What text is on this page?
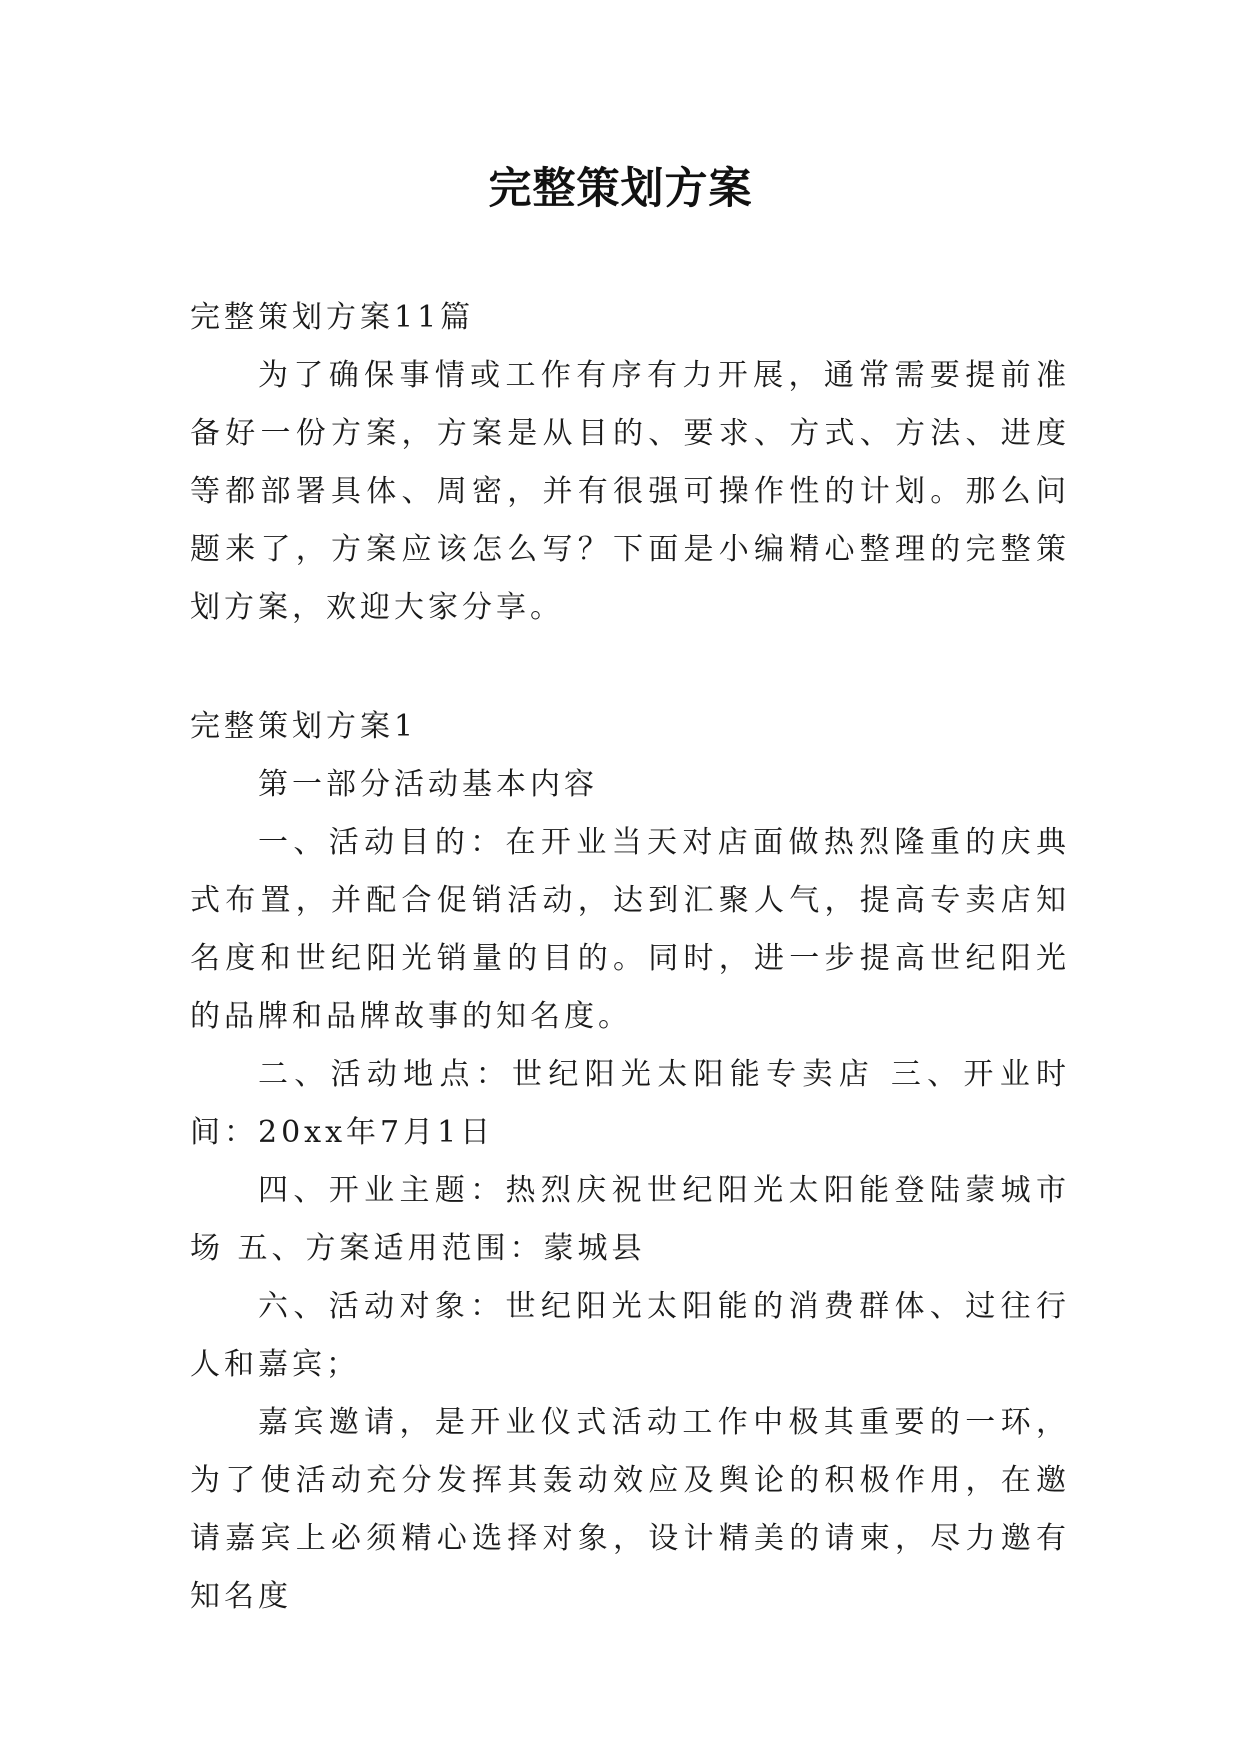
完整策划方案

完整策划方案11篇

为了确保事情或工作有序有力开展，通常需要提前准备好一份方案，方案是从目的、要求、方式、方法、进度等都部署具体、周密，并有很强可操作性的计划。那么问题来了，方案应该怎么写？下面是小编精心整理的完整策划方案，欢迎大家分享。

完整策划方案1

第一部分活动基本内容

一、活动目的：在开业当天对店面做热烈隆重的庆典式布置，并配合促销活动，达到汇聚人气，提高专卖店知名度和世纪阳光销量的目的。同时，进一步提高世纪阳光的品牌和品牌故事的知名度。

二、活动地点：世纪阳光太阳能专卖店 三、开业时间：20xx年7月1日

四、开业主题：热烈庆祝世纪阳光太阳能登陆蒙城市场 五、方案适用范围：蒙城县

六、活动对象：世纪阳光太阳能的消费群体、过往行人和嘉宾；

嘉宾邀请，是开业仪式活动工作中极其重要的一环，为了使活动充分发挥其轰动效应及舆论的积极作用，在邀请嘉宾上必须精心选择对象，设计精美的请柬，尽力邀有知名度
